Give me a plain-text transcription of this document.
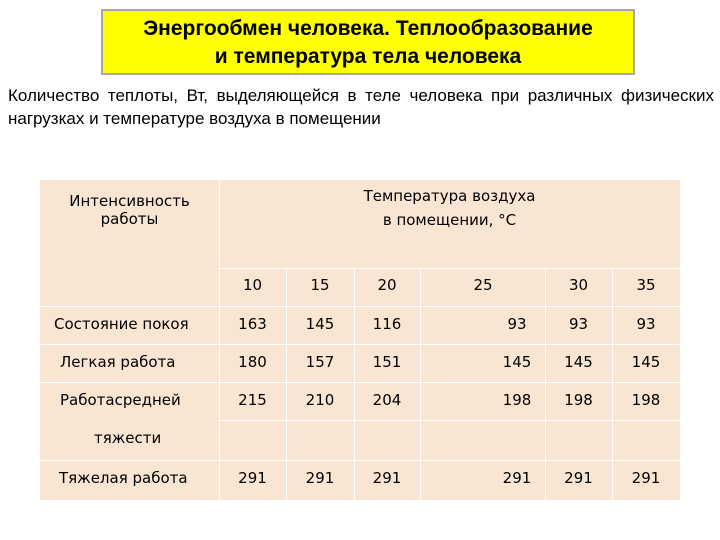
Энергообмен человека. Теплообразование
и температура тела человека
Количество теплоты, Вт, выделяющейся в теле человека при различных физических нагрузках и температуре воздуха в помещении
Интенсивность
работы
Температура воздуха
в помещении, °С
10	15	20	25	30	35
Состояние покоя	163	145	116	93	93	93
Легкая работа	180	157	151	145	145	145
Работасредней
тяжести
215	210	204	198	198	198
Тяжелая работа	291	291	291	291	291	291
